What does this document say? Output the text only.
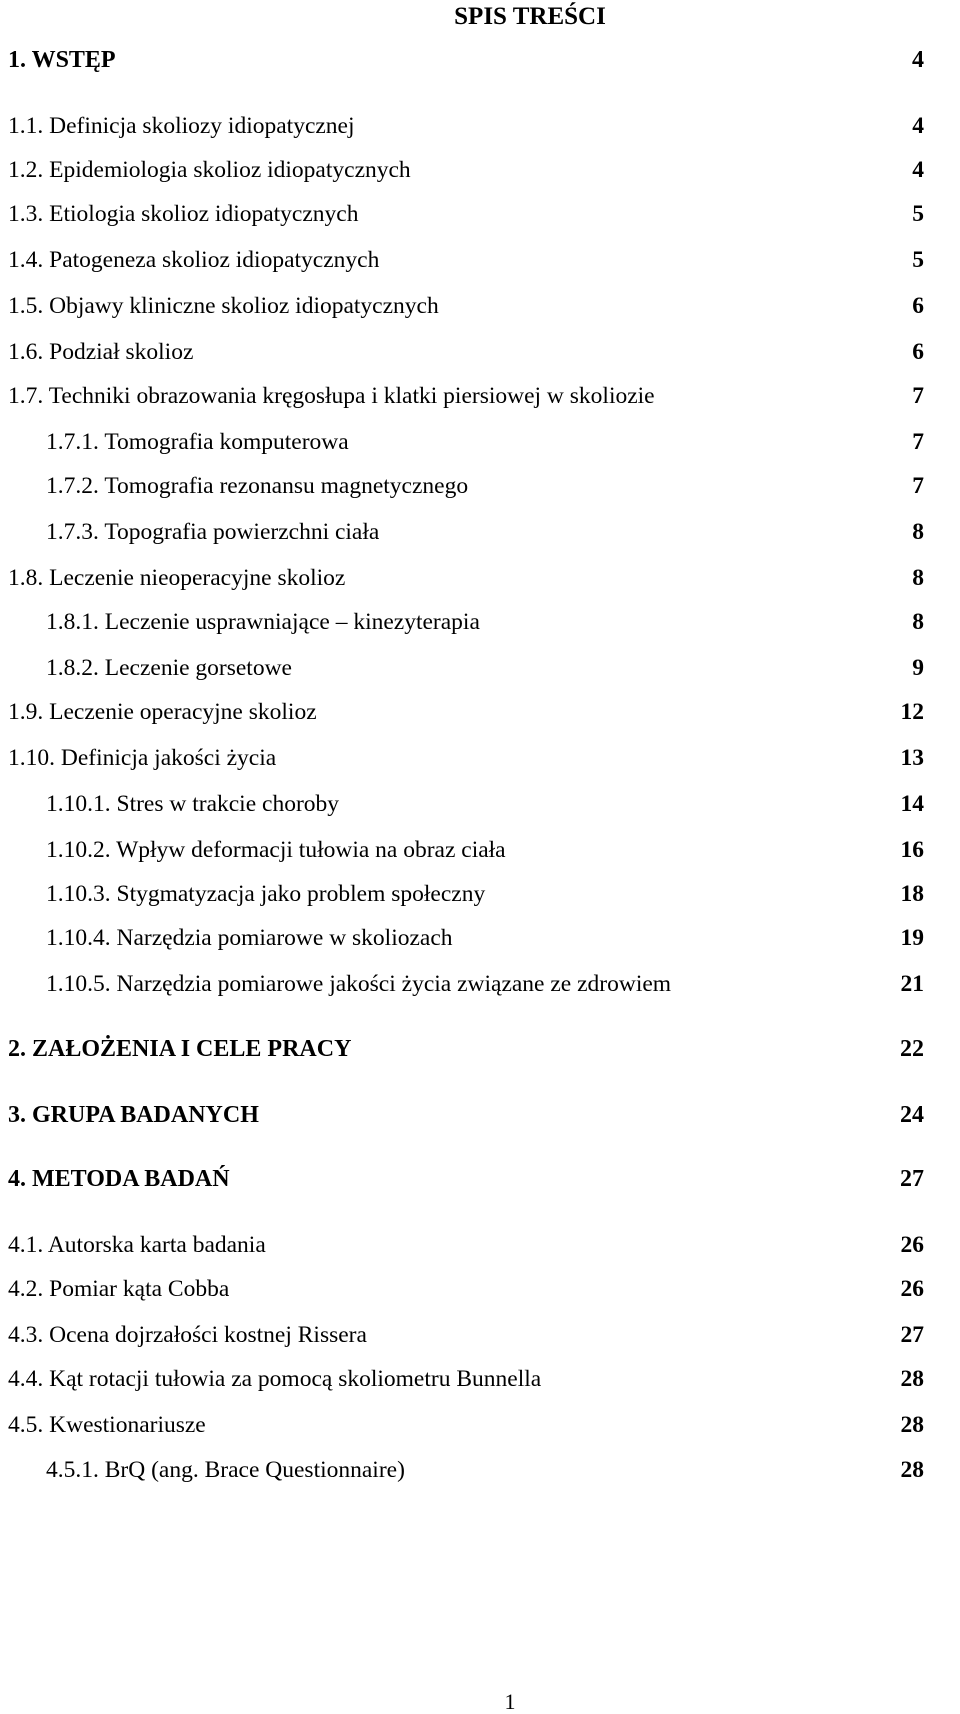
SPIS TREŚCI
1. WSTĘP	4
1.1. Definicja skoliozy idiopatycznej	4
1.2. Epidemiologia skolioz idiopatycznych	4
1.3. Etiologia skolioz idiopatycznych	5
1.4. Patogeneza skolioz idiopatycznych	5
1.5. Objawy kliniczne skolioz idiopatycznych	6
1.6. Podział skolioz	6
1.7. Techniki obrazowania kręgosłupa i klatki piersiowej w skoliozie	7
1.7.1. Tomografia komputerowa	7
1.7.2. Tomografia rezonansu magnetycznego	7
1.7.3. Topografia powierzchni ciała	8
1.8. Leczenie nieoperacyjne skolioz	8
1.8.1. Leczenie usprawniające – kinezyterapia	8
1.8.2. Leczenie gorsetowe	9
1.9. Leczenie operacyjne skolioz	12
1.10. Definicja jakości życia	13
1.10.1. Stres w trakcie choroby	14
1.10.2. Wpływ deformacji tułowia na obraz ciała	16
1.10.3. Stygmatyzacja jako problem społeczny	18
1.10.4. Narzędzia pomiarowe w skoliozach	19
1.10.5. Narzędzia pomiarowe jakości życia związane ze zdrowiem	21
2. ZAŁOŻENIA I CELE PRACY	22
3. GRUPA BADANYCH	24
4. METODA BADAŃ	27
4.1. Autorska karta badania	26
4.2. Pomiar kąta Cobba	26
4.3. Ocena dojrzałości kostnej Rissera	27
4.4. Kąt rotacji tułowia za pomocą skoliometru Bunnella	28
4.5. Kwestionariusze	28
4.5.1. BrQ (ang. Brace Questionnaire)	28
1
